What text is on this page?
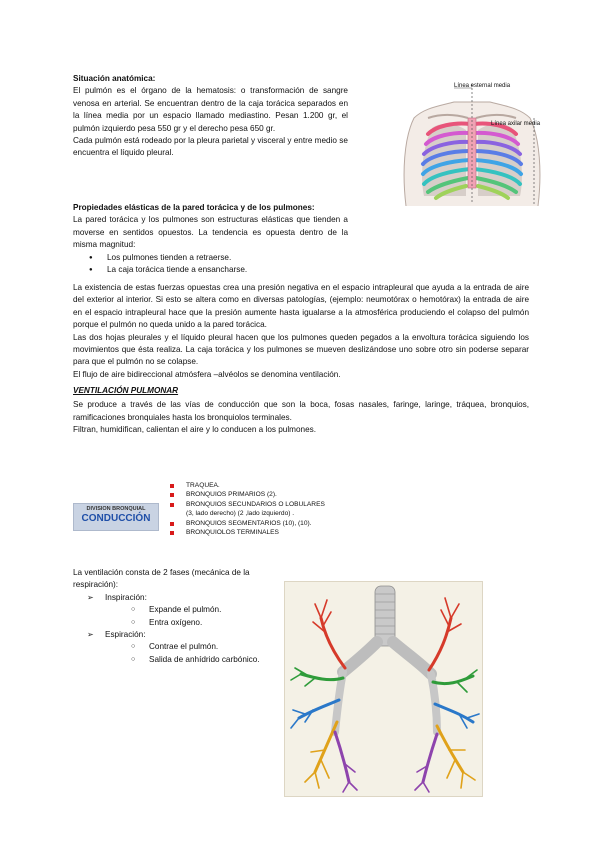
Situación anatómica:

El pulmón es el órgano de la hematosis: o transformación de sangre venosa en arterial. Se encuentran dentro de la caja torácica separados en la línea media por un espacio llamado mediastino. Pesan 1.200 gr, el pulmón izquierdo pesa 550 gr y el derecho pesa 650 gr.

Cada pulmón está rodeado por la pleura parietal y visceral y entre medio se encuentra el líquido pleural.

Línea esternal media
Línea axilar media

Propiedades elásticas de la pared torácica y de los pulmones:

La pared torácica y los pulmones son estructuras elásticas que tienden a moverse en sentidos opuestos. La tendencia es opuesta dentro de la misma magnitud:

● Los pulmones tienden a retraerse.
● La caja torácica tiende a ensancharse.

La existencia de estas fuerzas opuestas crea una presión negativa en el espacio intrapleural que ayuda a la entrada de aire del exterior al interior. Si esto se altera como en diversas patologías, (ejemplo: neumotórax o hemotórax) la entrada de aire en el espacio intrapleural hace que la presión aumente hasta igualarse a la atmosférica produciendo el colapso del pulmón porque el pulmón no queda unido a la pared torácica.

Las dos hojas pleurales y el líquido pleural hacen que los pulmones queden pegados a la envoltura torácica siguiendo los movimientos que ésta realiza. La caja torácica y los pulmones se mueven deslizándose uno sobre otro sin poderse separar para que el pulmón no se colapse.

El flujo de aire bidireccional atmósfera –alvéolos se denomina ventilación.

VENTILACIÓN PULMONAR

Se produce a través de las vías de conducción que son la boca, fosas nasales, faringe, laringe, tráquea, bronquios, ramificaciones bronquiales hasta los bronquiolos terminales.

Filtran, humidifican, calientan el aire y lo conducen a los pulmones.

DIVISION BRONQUIAL
CONDUCCIÓN
TRAQUEA.
BRONQUIOS PRIMARIOS (2).
BRONQUIOS SECUNDARIOS O LOBULARES
(3, lado derecho) (2 ,lado izquierdo) .
BRONQUIOS SEGMENTARIOS (10), (10).
BRONQUIOLOS TERMINALES

La ventilación consta de 2 fases (mecánica de la respiración):

➢ Inspiración:
○ Expande el pulmón.
○ Entra oxígeno.
➢ Espiración:
○ Contrae el pulmón.
○ Salida de anhídrido carbónico.
